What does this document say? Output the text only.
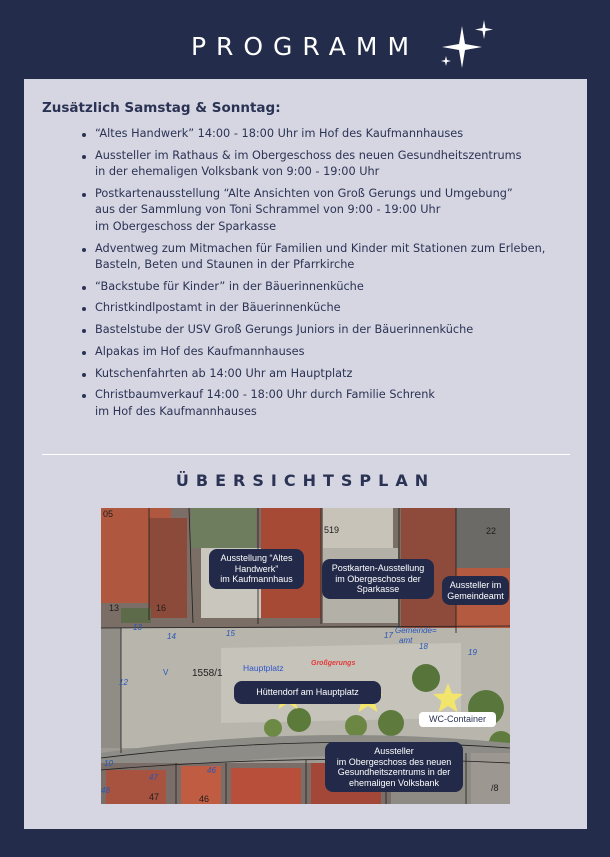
PROGRAMM
Zusätzlich Samstag & Sonntag:
“Altes Handwerk” 14:00 - 18:00 Uhr im Hof des Kaufmannhauses
Aussteller im Rathaus & im Obergeschoss des neuen Gesundheitszentrums
in der ehemaligen Volksbank von 9:00 - 19:00 Uhr
Postkartenausstellung “Alte Ansichten von Groß Gerungs und Umgebung”
aus der Sammlung von Toni Schrammel von 9:00 - 19:00 Uhr
im Obergeschoss der Sparkasse
Adventweg zum Mitmachen für Familien und Kinder mit Stationen zum Erleben,
Basteln, Beten und Staunen in der Pfarrkirche
“Backstube für Kinder” in der Bäuerinnenküche
Christkindlpostamt in der Bäuerinnenküche
Bastelstube der USV Groß Gerungs Juniors in der Bäuerinnenküche
Alpakas im Hof des Kaufmannhauses
Kutschenfahrten ab 14:00 Uhr am Hauptplatz
Christbaumverkauf 14:00 - 18:00 Uhr durch Familie Schrenk
im Hof des Kaufmannhauses
ÜBERSICHTSPLAN
05
519	22
13	16
13
14	15	17
18
19
Gemeinde=
amt
12
V 1558/1
10
47
46
48
47	46
/8
Hauptplatz	Großgerungs
Ausstellung “Altes
Handwerk”
im Kaufmannhaus
Postkarten-Ausstellung
im Obergeschoss der
Sparkasse	Aussteller im
Gemeindeamt
Hüttendorf am Hauptplatz
WC-Container
Aussteller
im Obergeschoss des neuen
Gesundheitszentrums in der
ehemaligen Volksbank
